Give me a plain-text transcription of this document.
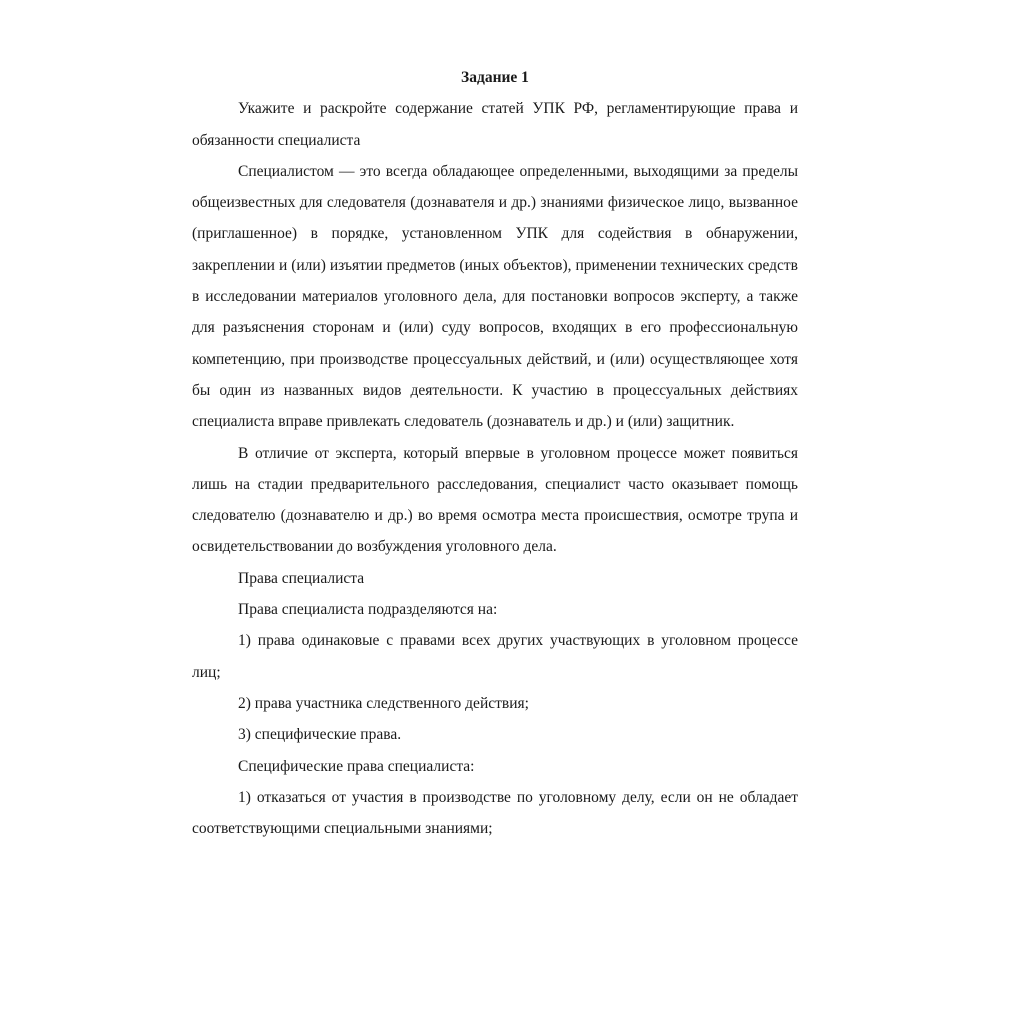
Задание 1

Укажите и раскройте содержание статей УПК РФ, регламентирующие права и обязанности специалиста

Специалистом — это всегда обладающее определенными, выходящими за пределы общеизвестных для следователя (дознавателя и др.) знаниями физическое лицо, вызванное (приглашенное) в порядке, установленном УПК для содействия в обнаружении, закреплении и (или) изъятии предметов (иных объектов), применении технических средств в исследовании материалов уголовного дела, для постановки вопросов эксперту, а также для разъяснения сторонам и (или) суду вопросов, входящих в его профессиональную компетенцию, при производстве процессуальных действий, и (или) осуществляющее хотя бы один из названных видов деятельности. К участию в процессуальных действиях специалиста вправе привлекать следователь (дознаватель и др.) и (или) защитник.

В отличие от эксперта, который впервые в уголовном процессе может появиться лишь на стадии предварительного расследования, специалист часто оказывает помощь следователю (дознавателю и др.) во время осмотра места происшествия, осмотре трупа и освидетельствовании до возбуждения уголовного дела.

Права специалиста

Права специалиста подразделяются на:

1) права одинаковые с правами всех других участвующих в уголовном процессе лиц;

2) права участника следственного действия;

3) специфические права.

Специфические права специалиста:

1) отказаться от участия в производстве по уголовному делу, если он не обладает соответствующими специальными знаниями;
